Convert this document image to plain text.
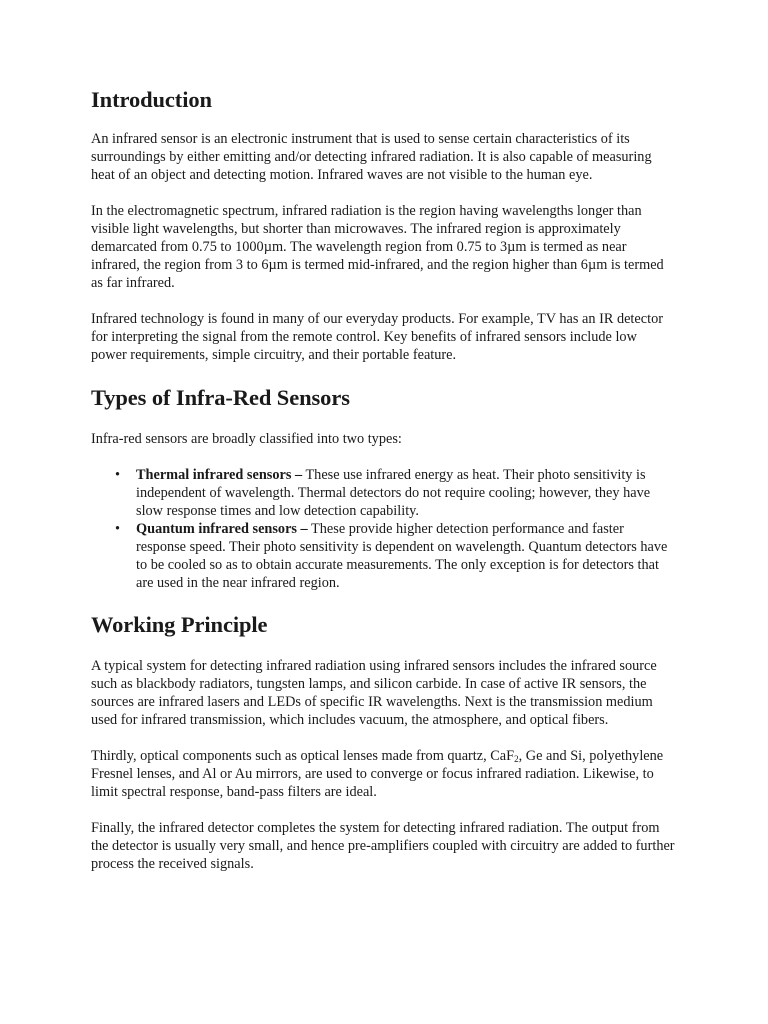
Introduction

An infrared sensor is an electronic instrument that is used to sense certain characteristics of its surroundings by either emitting and/or detecting infrared radiation. It is also capable of measuring heat of an object and detecting motion. Infrared waves are not visible to the human eye.

In the electromagnetic spectrum, infrared radiation is the region having wavelengths longer than visible light wavelengths, but shorter than microwaves. The infrared region is approximately demarcated from 0.75 to 1000µm. The wavelength region from 0.75 to 3µm is termed as near infrared, the region from 3 to 6µm is termed mid-infrared, and the region higher than 6µm is termed as far infrared.

Infrared technology is found in many of our everyday products. For example, TV has an IR detector for interpreting the signal from the remote control. Key benefits of infrared sensors include low power requirements, simple circuitry, and their portable feature.

Types of Infra-Red Sensors

Infra-red sensors are broadly classified into two types:

• Thermal infrared sensors – These use infrared energy as heat. Their photo sensitivity is independent of wavelength. Thermal detectors do not require cooling; however, they have slow response times and low detection capability.
• Quantum infrared sensors – These provide higher detection performance and faster response speed. Their photo sensitivity is dependent on wavelength. Quantum detectors have to be cooled so as to obtain accurate measurements. The only exception is for detectors that are used in the near infrared region.
Working Principle

A typical system for detecting infrared radiation using infrared sensors includes the infrared source such as blackbody radiators, tungsten lamps, and silicon carbide. In case of active IR sensors, the sources are infrared lasers and LEDs of specific IR wavelengths. Next is the transmission medium used for infrared transmission, which includes vacuum, the atmosphere, and optical fibers.

Thirdly, optical components such as optical lenses made from quartz, CaF$_2$, Ge and Si, polyethylene Fresnel lenses, and Al or Au mirrors, are used to converge or focus infrared radiation. Likewise, to limit spectral response, band-pass filters are ideal.

Finally, the infrared detector completes the system for detecting infrared radiation. The output from the detector is usually very small, and hence pre-amplifiers coupled with circuitry are added to further process the received signals.
